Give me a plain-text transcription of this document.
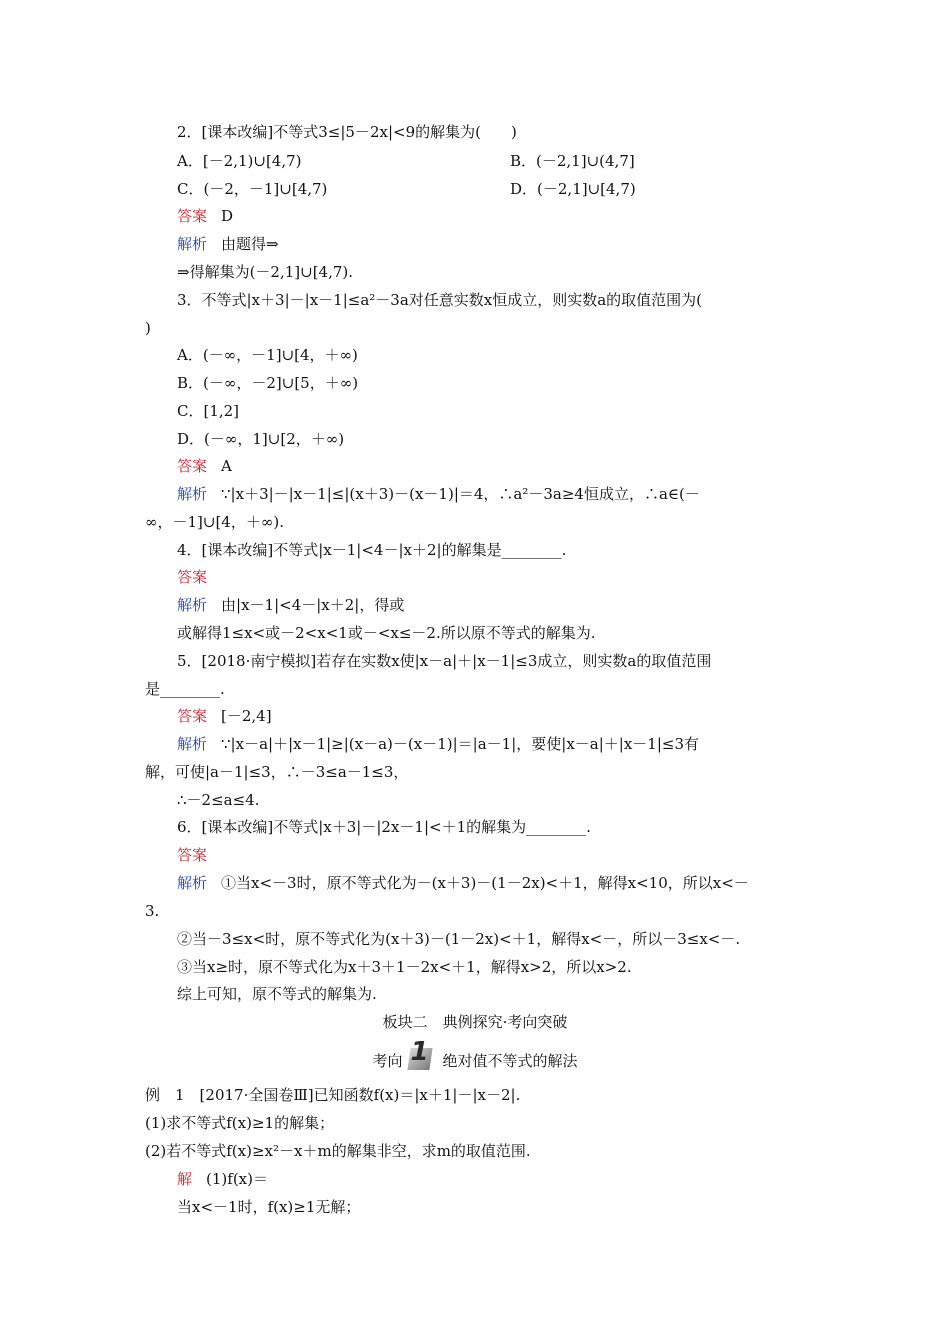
2．[课本改编]不等式3≤|5－2x|<9的解集为(　　)
A．[－2,1)∪[4,7)	B．(－2,1]∪(4,7]
C．(－2，－1]∪[4,7)	D．(－2,1]∪[4,7)
答案 D
解析 由题得⇒
⇒得解集为(－2,1]∪[4,7).
3．不等式|x＋3|－|x－1|≤a²－3a对任意实数x恒成立，则实数a的取值范围为(
)
A．(－∞，－1]∪[4，＋∞)
B．(－∞，－2]∪[5，＋∞)
C．[1,2]
D．(－∞，1]∪[2，＋∞)
答案 A
解析 ∵|x＋3|－|x－1|≤|(x＋3)－(x－1)|＝4，∴a²－3a≥4恒成立，∴a∈(－
∞，－1]∪[4，＋∞).
4．[课本改编]不等式|x－1|<4－|x＋2|的解集是________.
答案
解析 由|x－1|<4－|x＋2|，得或
或解得1≤x<或－2<x<1或－<x≤－2.所以原不等式的解集为.
5．[2018·南宁模拟]若存在实数x使|x－a|＋|x－1|≤3成立，则实数a的取值范围
是________.
答案 [－2,4]
解析 ∵|x－a|＋|x－1|≥|(x－a)－(x－1)|＝|a－1|，要使|x－a|＋|x－1|≤3有
解，可使|a－1|≤3，∴－3≤a－1≤3，
∴－2≤a≤4.
6．[课本改编]不等式|x＋3|－|2x－1|<＋1的解集为________.
答案
解析 ①当x<－3时，原不等式化为－(x＋3)－(1－2x)<＋1，解得x<10，所以x<－
3.
②当－3≤x<时，原不等式化为(x＋3)－(1－2x)<＋1，解得x<－，所以－3≤x<－.
③当x≥时，原不等式化为x＋3＋1－2x<＋1，解得x>2，所以x>2.
综上可知，原不等式的解集为.
板块二　典例探究·考向突破
考向 1 绝对值不等式的解法
例　1　[2017·全国卷Ⅲ]已知函数f(x)＝|x＋1|－|x－2|.
(1)求不等式f(x)≥1的解集；
(2)若不等式f(x)≥x²－x＋m的解集非空，求m的取值范围.
解 (1)f(x)＝
当x<－1时，f(x)≥1无解；
